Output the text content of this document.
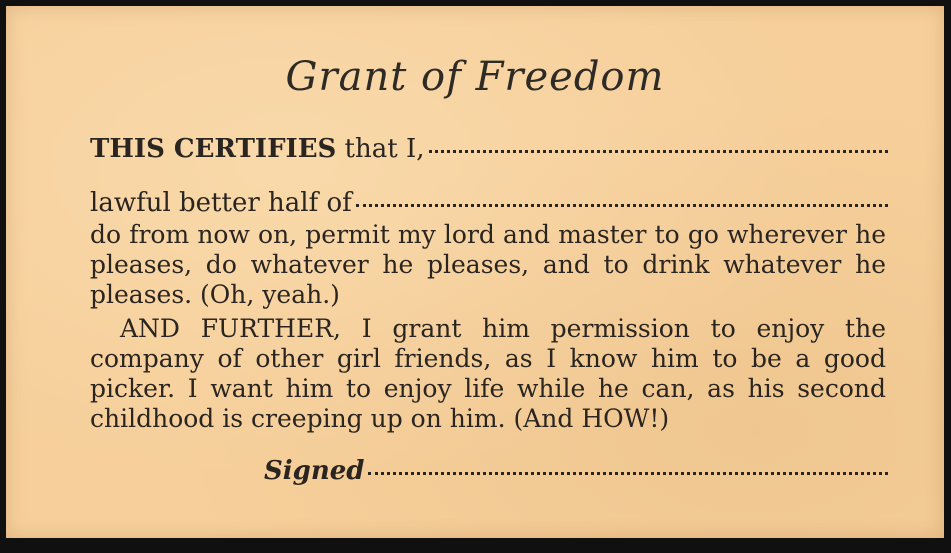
Grant of Freedom
THIS CERTIFIES that I,
lawful better half of

do from now on, permit my lord and master to go wherever he pleases, do whatever he pleases, and to drink whatever he pleases. (Oh, yeah.)

AND FURTHER, I grant him permission to enjoy the company of other girl friends, as I know him to be a good picker. I want him to enjoy life while he can, as his second childhood is creeping up on him. (And HOW!)

Signed
